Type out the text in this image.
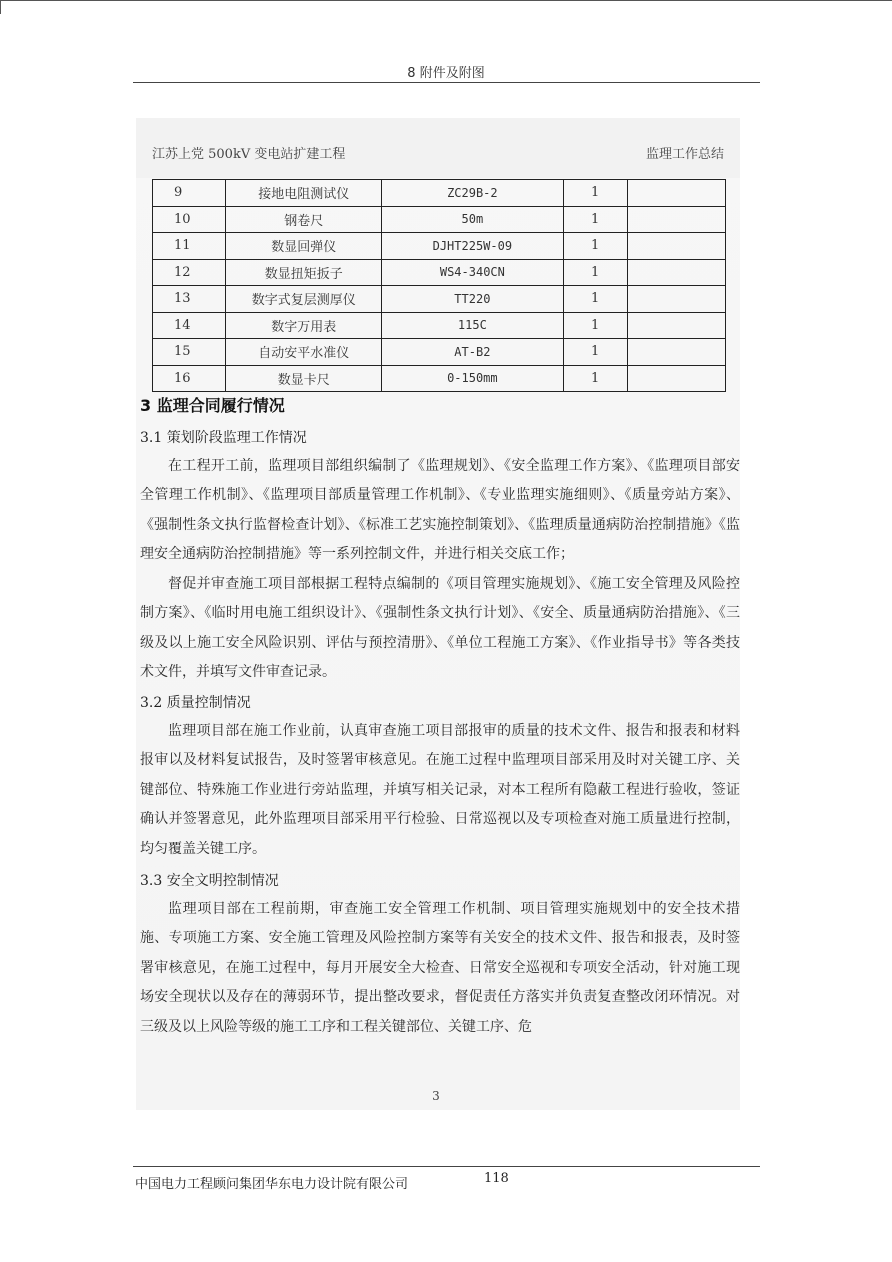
8 附件及附图
江苏上党 500kV 变电站扩建工程	监理工作总结
9	接地电阻测试仪	ZC29B-2	1	
10	钢卷尺	50m	1	
11	数显回弹仪	DJHT225W-09	1	
12	数显扭矩扳子	WS4-340CN	1	
13	数字式复层测厚仪	TT220	1	
14	数字万用表	115C	1	
15	自动安平水准仪	AT-B2	1	
16	数显卡尺	0-150mm	1	
3 监理合同履行情况
3.1 策划阶段监理工作情况

在工程开工前，监理项目部组织编制了《监理规划》、《安全监理工作方案》、《监理项目部安全管理工作机制》、《监理项目部质量管理工作机制》、《专业监理实施细则》、《质量旁站方案》、《强制性条文执行监督检查计划》、《标准工艺实施控制策划》、《监理质量通病防治控制措施》《监理安全通病防治控制措施》等一系列控制文件，并进行相关交底工作；

督促并审查施工项目部根据工程特点编制的《项目管理实施规划》、《施工安全管理及风险控制方案》、《临时用电施工组织设计》、《强制性条文执行计划》、《安全、质量通病防治措施》、《三级及以上施工安全风险识别、评估与预控清册》、《单位工程施工方案》、《作业指导书》等各类技术文件，并填写文件审查记录。

3.2 质量控制情况

监理项目部在施工作业前，认真审查施工项目部报审的质量的技术文件、报告和报表和材料报审以及材料复试报告，及时签署审核意见。在施工过程中监理项目部采用及时对关键工序、关键部位、特殊施工作业进行旁站监理，并填写相关记录，对本工程所有隐蔽工程进行验收，签证确认并签署意见，此外监理项目部采用平行检验、日常巡视以及专项检查对施工质量进行控制，均匀覆盖关键工序。

3.3 安全文明控制情况

监理项目部在工程前期，审查施工安全管理工作机制、项目管理实施规划中的安全技术措施、专项施工方案、安全施工管理及风险控制方案等有关安全的技术文件、报告和报表，及时签署审核意见，在施工过程中，每月开展安全大检查、日常安全巡视和专项安全活动，针对施工现场安全现状以及存在的薄弱环节，提出整改要求，督促责任方落实并负责复查整改闭环情况。对三级及以上风险等级的施工工序和工程关键部位、关键工序、危

3
中国电力工程顾问集团华东电力设计院有限公司	118
